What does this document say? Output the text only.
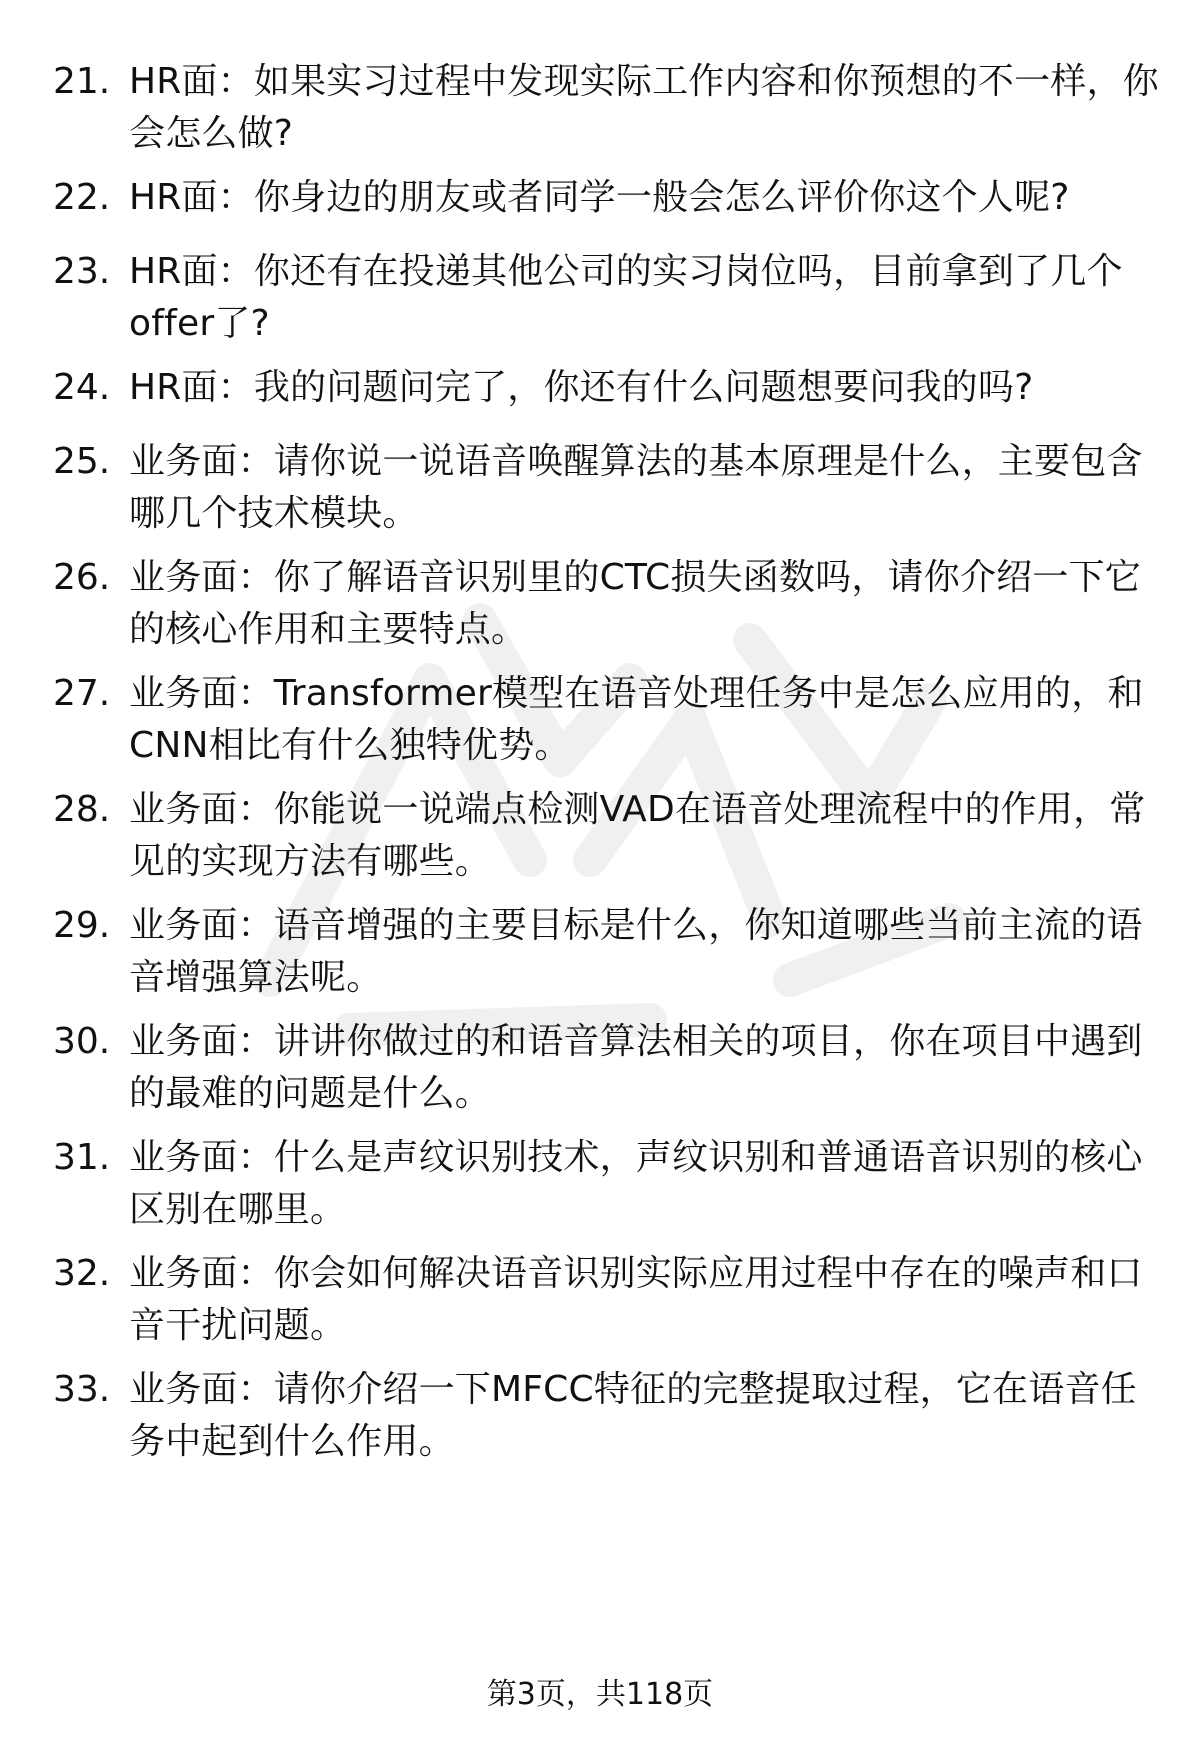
21. HR面：如果实习过程中发现实际工作内容和你预想的不一样，你会怎么做?
22. HR面：你身边的朋友或者同学一般会怎么评价你这个人呢?
23. HR面：你还有在投递其他公司的实习岗位吗，目前拿到了几个offer了?
24. HR面：我的问题问完了，你还有什么问题想要问我的吗?
25. 业务面：请你说一说语音唤醒算法的基本原理是什么，主要包含哪几个技术模块。
26. 业务面：你了解语音识别里的CTC损失函数吗，请你介绍一下它的核心作用和主要特点。
27. 业务面：Transformer模型在语音处理任务中是怎么应用的，和CNN相比有什么独特优势。
28. 业务面：你能说一说端点检测VAD在语音处理流程中的作用，常见的实现方法有哪些。
29. 业务面：语音增强的主要目标是什么，你知道哪些当前主流的语音增强算法呢。
30. 业务面：讲讲你做过的和语音算法相关的项目，你在项目中遇到的最难的问题是什么。
31. 业务面：什么是声纹识别技术，声纹识别和普通语音识别的核心区别在哪里。
32. 业务面：你会如何解决语音识别实际应用过程中存在的噪声和口音干扰问题。
33. 业务面：请你介绍一下MFCC特征的完整提取过程，它在语音任务中起到什么作用。
第3页，共118页
